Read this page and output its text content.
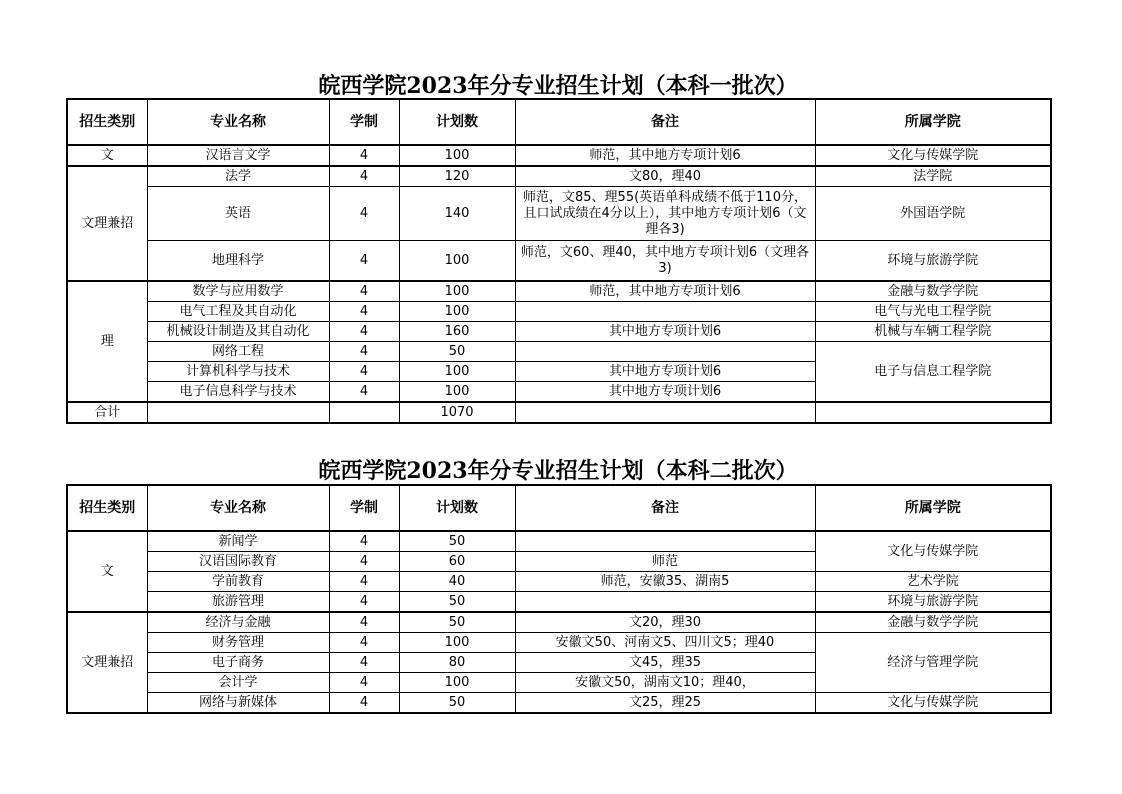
皖西学院2023年分专业招生计划（本科一批次）
招生类别	专业名称	学制	计划数	备注	所属学院
文	汉语言文学	4	100	师范，其中地方专项计划6	文化与传媒学院
文理兼招	法学	4	120	文80，理40	法学院
	英语	4	140	师范，文85、理55(英语单科成绩不低于110分，且口试成绩在4分以上），其中地方专项计划6（文理各3)	外国语学院
	地理科学	4	100	师范，文60、理40，其中地方专项计划6（文理各3)	环境与旅游学院
理	数学与应用数学	4	100	师范，其中地方专项计划6	金融与数学学院
	电气工程及其自动化	4	100		电气与光电工程学院
	机械设计制造及其自动化	4	160	其中地方专项计划6	机械与车辆工程学院
	网络工程	4	50		电子与信息工程学院
	计算机科学与技术	4	100	其中地方专项计划6	
	电子信息科学与技术	4	100	其中地方专项计划6	
合计			1070		
皖西学院2023年分专业招生计划（本科二批次）
招生类别	专业名称	学制	计划数	备注	所属学院
文	新闻学	4	50		文化与传媒学院
	汉语国际教育	4	60	师范	
	学前教育	4	40	师范，安徽35、湖南5	艺术学院
	旅游管理	4	50		环境与旅游学院
文理兼招	经济与金融	4	50	文20，理30	金融与数学学院
	财务管理	4	100	安徽文50、河南文5、四川文5；理40	经济与管理学院
	电子商务	4	80	文45，理35	
	会计学	4	100	安徽文50，湖南文10；理40，	
	网络与新媒体	4	50	文25，理25	文化与传媒学院
